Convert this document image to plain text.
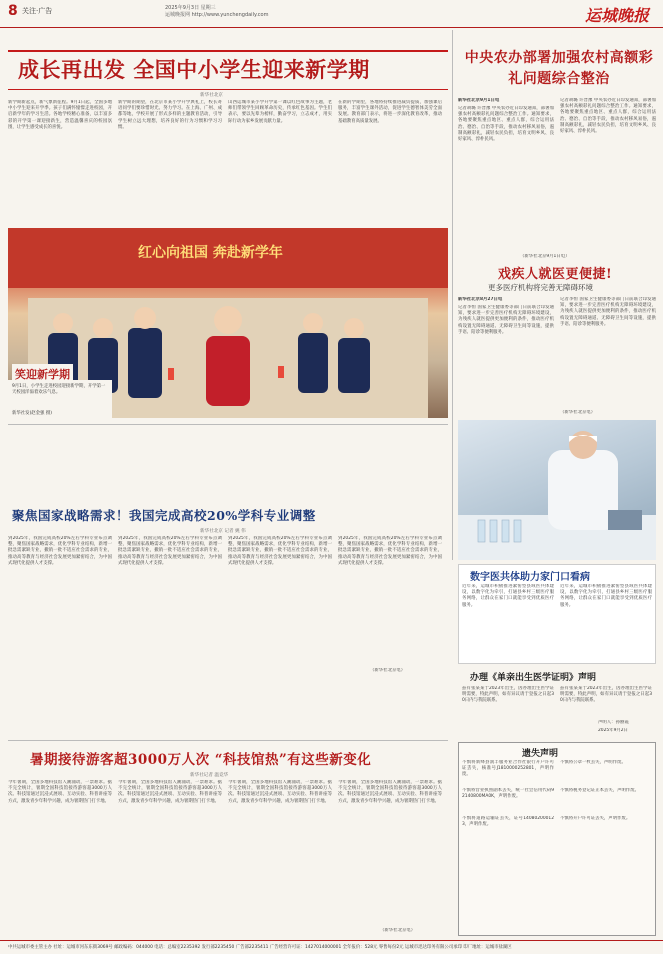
8 关注·广告	2025年9月3日 星期三
运城晚报网 http://www.yunchengdaily.com	运城晚报
成长再出发 全国中小学生迎来新学期
新华社北京
新学期新起点，新气象新征程。9月1日起，全国多地中小学生迎来开学季。孩子们满怀憧憬走进校园，开启新学年的学习生活。各地学校精心准备，以丰富多彩的开学第一课迎接新生，营造温馨喜庆的校园氛围，让学生感受成长的喜悦。
新学期的期望，在北京市某小学开学典礼上，校长寄语同学们要珍惜时光、努力学习。在上海、广州、成都等地，学校开展了形式多样的主题教育活动，引导学生树立远大理想，培养良好的行为习惯和学习习惯。
山西运城市某小学开学第一课以红色故事为主题，老师们带领学生回顾革命历史，传承红色基因。学生们表示，要以先辈为榜样，勤奋学习，立志成才，用实际行动为家乡发展贡献力量。
在新的学期里，各地将持续推进减负提质，加强课后服务，丰富学生课外活动，促进学生德智体美劳全面发展。教育部门表示，将进一步深化教育改革，推动基础教育高质量发展。
红心向祖国 奔赴新学年
笑迎新学期
9月1日，小学生走进校园迎接新学期，开学第一天校园洋溢着欢乐气息。
新华社发(赵金强 摄)
中央农办部署加强农村高额彩礼问题综合整治
新华社北京9月1日电
记者胡璐 许晋豫 中央农办近日印发通知，部署加强农村高额彩礼问题综合整治工作。通知要求，各地要聚焦重点地区、重点人群，综合运用法治、德治、自治等手段，推动农村移风易俗，遏制高额彩礼，减轻农民负担，培育文明乡风、良好家风、淳朴民风。
记者胡璐 许晋豫 中央农办近日印发通知，部署加强农村高额彩礼问题综合整治工作。通知要求，各地要聚焦重点地区、重点人群，综合运用法治、德治、自治等手段，推动农村移风易俗，遏制高额彩礼，减轻农民负担，培育文明乡风、良好家风、淳朴民风。
（新华社北京9月1日电）
戏疾人就医更便捷!
更多医疗机构将完善无障碍环境
新华社北京8月27日电
记者李恒 国家卫生健康委等部门日前联合印发通知，要求进一步完善医疗机构无障碍环境建设，为残疾人就医提供更加便利的条件，推动医疗机构设置无障碍通道、无障碍卫生间等设施，提供手语、陪诊等便利服务。
记者李恒 国家卫生健康委等部门日前联合印发通知，要求进一步完善医疗机构无障碍环境建设，为残疾人就医提供更加便利的条件，推动医疗机构设置无障碍通道、无障碍卫生间等设施，提供手语、陪诊等便利服务。
（新华社北京电）
聚焦国家战略需求！我国完成高校20%学科专业调整
新华社北京 记者 姚 伟
到2025年，我国完成高校20%左右学科专业布点调整，聚焦国家战略需求，优化学科专业结构，新增一批急需紧缺专业，撤销一批不适应社会需求的专业，推动高等教育与经济社会发展更加紧密结合，为中国式现代化提供人才支撑。
到2025年，我国完成高校20%左右学科专业布点调整，聚焦国家战略需求，优化学科专业结构，新增一批急需紧缺专业，撤销一批不适应社会需求的专业，推动高等教育与经济社会发展更加紧密结合，为中国式现代化提供人才支撑。
到2025年，我国完成高校20%左右学科专业布点调整，聚焦国家战略需求，优化学科专业结构，新增一批急需紧缺专业，撤销一批不适应社会需求的专业，推动高等教育与经济社会发展更加紧密结合，为中国式现代化提供人才支撑。
到2025年，我国完成高校20%左右学科专业布点调整，聚焦国家战略需求，优化学科专业结构，新增一批急需紧缺专业，撤销一批不适应社会需求的专业，推动高等教育与经济社会发展更加紧密结合，为中国式现代化提供人才支撑。
（新华社北京电）
数字医共体助力家门口看病
近年来，运城市积极推进紧密型县域医共体建设，以数字化为牵引，打通县乡村三级医疗服务网络，让群众在家门口就能享受到优质医疗服务。
近年来，运城市积极推进紧密型县域医共体建设，以数字化为牵引，打通县乡村三级医疗服务网络，让群众在家门口就能享受到优质医疗服务。
办理《单亲出生医学证明》声明
兹有张某某于2023年出生，因办理出生医学证明需要，特此声明，如有异议请于登报之日起30日内与我院联系。
兹有张某某于2023年出生，因办理出生医学证明需要，特此声明，如有异议请于登报之日起30日内与我院联系。
声明人：孙丽霞
2025年9月2日
暑期接待游客超3000万人次 “科技馆热”有这些新变化
新华社记者 温竞华
今年暑期，全国多地科技馆人潮涌动，一票难求。据不完全统计，暑期全国科技馆接待游客超3000万人次。科技馆通过沉浸式展项、互动实验、科普讲座等方式，激发青少年科学兴趣，成为暑期热门打卡地。
今年暑期，全国多地科技馆人潮涌动，一票难求。据不完全统计，暑期全国科技馆接待游客超3000万人次。科技馆通过沉浸式展项、互动实验、科普讲座等方式，激发青少年科学兴趣，成为暑期热门打卡地。
今年暑期，全国多地科技馆人潮涌动，一票难求。据不完全统计，暑期全国科技馆接待游客超3000万人次。科技馆通过沉浸式展项、互动实验、科普讲座等方式，激发青少年科学兴趣，成为暑期热门打卡地。
今年暑期，全国多地科技馆人潮涌动，一票难求。据不完全统计，暑期全国科技馆接待游客超3000万人次。科技馆通过沉浸式展项、互动实验、科普讲座等方式，激发青少年科学兴趣，成为暑期热门打卡地。
（新华社北京电）
遗失声明
不慎将新绛县润丰服务业合作社银行开户许可证丢失，核准号J1810000252801，声明作废。
不慎将营业执照副本丢失，统一社会信用代码92140800MA0K，声明作废。
不慎将道路运输证丢失，证号140802000123，声明作废。
不慎将公章一枚丢失，声明作废。
不慎将税务登记证正本丢失，声明作废。
不慎将开户许可证丢失，声明作废。
中共运城市委主管主办 社址：运城市河东东街3069号 邮政编码：044000 电话：总编室2235392 发行部2235450 广告部2235411 广告经营许可证：1427014000001 全年报价：528元 零售每份2元 运城市迅达印务有限公司承印 印厂地址：运城市盐湖区
